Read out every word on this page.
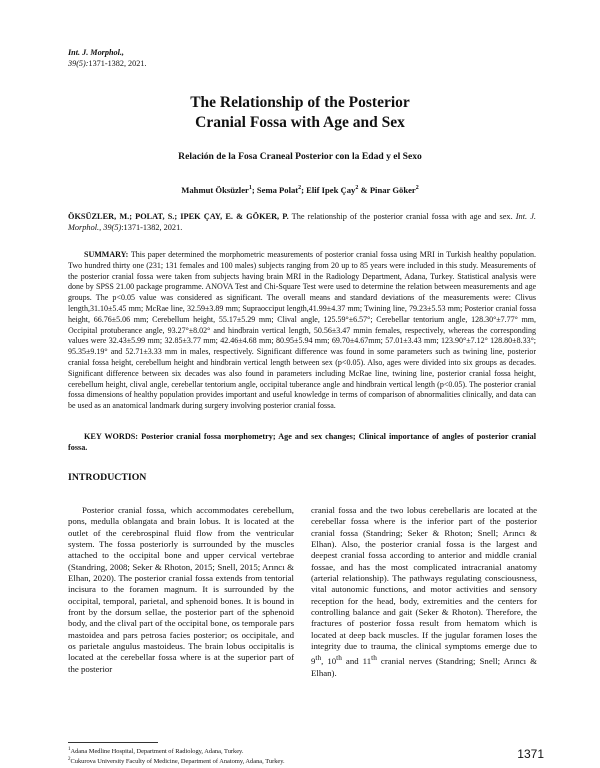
Int. J. Morphol.,
39(5):1371-1382, 2021.
The Relationship of the Posterior
Cranial Fossa with Age and Sex
Relación de la Fosa Craneal Posterior con la Edad y el Sexo
Mahmut Öksüzler$^1$; Sema Polat$^2$; Elif Ipek Çay$^2$ & Pinar Göker$^2$
ÖKSÜZLER, M.; POLAT, S.; IPEK ÇAY, E. & GÖKER, P. The relationship of the posterior cranial fossa with age and sex. Int. J. Morphol., 39(5):1371-1382, 2021.
SUMMARY: This paper determined the morphometric measurements of posterior cranial fossa using MRI in Turkish healthy population. Two hundred thirty one (231; 131 females and 100 males) subjects ranging from 20 up to 85 years were included in this study. Measurements of the posterior cranial fossa were taken from subjects having brain MRI in the Radiology Department, Adana, Turkey. Statistical analysis were done by SPSS 21.00 package programme. ANOVA Test and Chi-Square Test were used to determine the relation between measurements and age groups. The p<0.05 value was considered as significant. The overall means and standard deviations of the measurements were: Clivus length,31.10±5.45 mm; McRae line, 32.59±3.89 mm; Supraocciput length,41.99±4.37 mm; Twining line, 79.23±5.53 mm; Posterior cranial fossa height, 66.76±5.06 mm; Cerebellum height, 55.17±5.29 mm; Clival angle, 125.59°±6.57°; Cerebellar tentorium angle, 128.30°±7.77° mm, Occipital protuberance angle, 93.27°±8.02° and hindbrain vertical length, 50.56±3.47 mmin females, respectively, whereas the corresponding values were 32.43±5.99 mm; 32.85±3.77 mm; 42.46±4.68 mm; 80.95±5.94 mm; 69.70±4.67mm; 57.01±3.43 mm; 123.90°±7.12° 128.80±8.33°; 95.35±9.19° and 52.71±3.33 mm in males, respectively. Significant difference was found in some parameters such as twining line, posterior cranial fossa height, cerebellum height and hindbrain vertical length between sex (p<0.05). Also, ages were divided into six groups as decades. Significant difference between six decades was also found in parameters including McRae line, twining line, posterior cranial fossa height, cerebellum height, clival angle, cerebellar tentorium angle, occipital tuberance angle and hindbrain vertical length (p<0.05). The posterior cranial fossa dimensions of healthy population provides important and useful knowledge in terms of comparison of abnormalities clinically, and data can be used as an anatomical landmark during surgery involving posterior cranial fossa.
KEY WORDS: Posterior cranial fossa morphometry; Age and sex changes; Clinical importance of angles of posterior cranial fossa.
INTRODUCTION
Posterior cranial fossa, which accommodates cerebellum, pons, medulla oblangata and brain lobus. It is located at the outlet of the cerebrospinal fluid flow from the ventricular system. The fossa posteriorly is surrounded by the muscles attached to the occipital bone and upper cervical vertebrae (Standring, 2008; Seker & Rhoton, 2015; Snell, 2015; Arıncı & Elhan, 2020). The posterior cranial fossa extends from tentorial incisura to the foramen magnum. It is surrounded by the occipital, temporal, parietal, and sphenoid bones. It is bound in front by the dorsum sellae, the posterior part of the sphenoid body, and the clival part of the occipital bone, os temporale pars mastoidea and pars petrosa facies posterior; os occipitale, and os parietale angulus mastoideus. The brain lobus occipitalis is located at the cerebellar fossa where is at the superior part of the posterior
cranial fossa and the two lobus cerebellaris are located at the cerebellar fossa where is the inferior part of the posterior cranial fossa (Standring; Seker & Rhoton; Snell; Arıncı & Elhan). Also, the posterior cranial fossa is the largest and deepest cranial fossa according to anterior and middle cranial fossae, and has the most complicated intracranial anatomy (arterial relationship). The pathways regulating consciousness, vital autonomic functions, and motor activities and sensory reception for the head, body, extremities and the centers for controlling balance and gait (Seker & Rhoton). Therefore, the fractures of posterior fossa result from hematom which is located at deep back muscles. If the jugular foramen loses the integrity due to trauma, the clinical symptoms emerge due to 9th, 10th and 11th cranial nerves (Standring; Snell; Arıncı & Elhan).
$^1$Adana Medline Hospital, Department of Radiology, Adana, Turkey.
$^2$Cukurova University Faculty of Medicine, Department of Anatomy, Adana, Turkey.
1371
